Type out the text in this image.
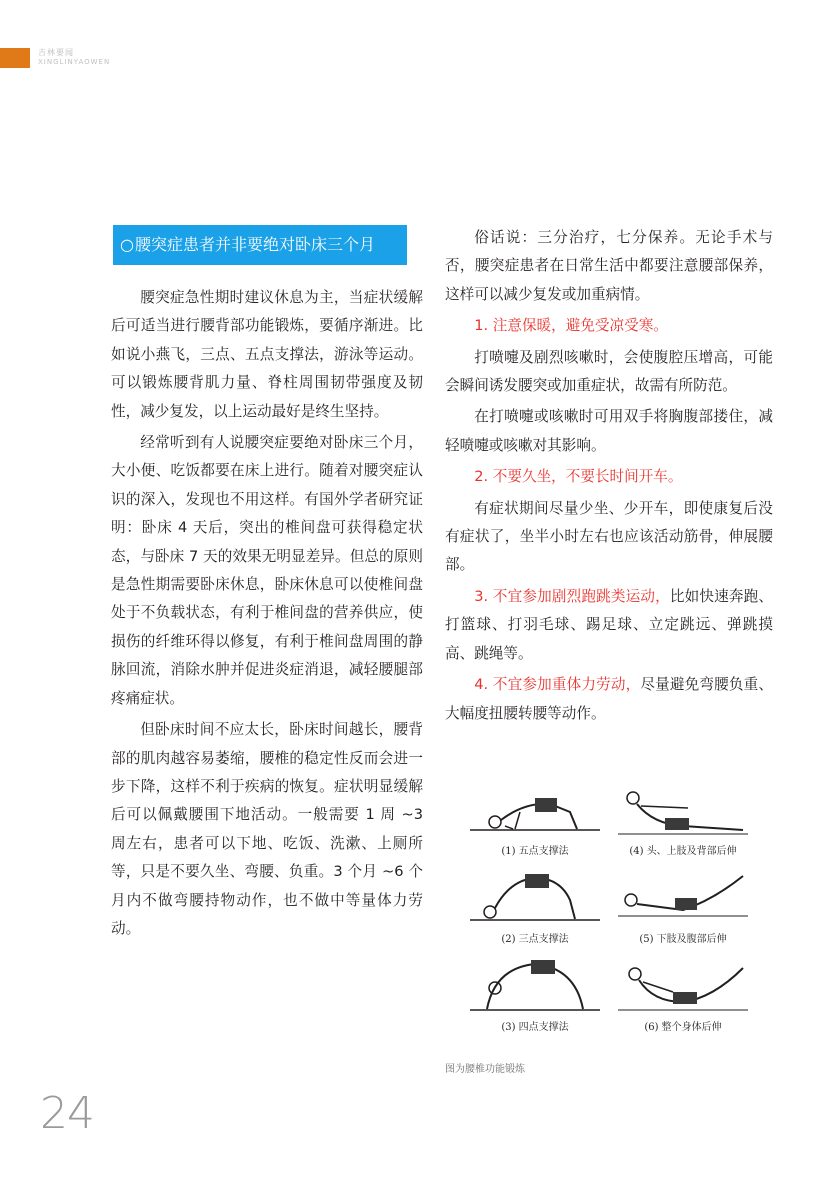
吉林要闻
XINGLINYAOWEN
○腰突症患者并非要绝对卧床三个月

腰突症急性期时建议休息为主，当症状缓解后可适当进行腰背部功能锻炼，要循序渐进。比如说小燕飞，三点、五点支撑法，游泳等运动。可以锻炼腰背肌力量、脊柱周围韧带强度及韧性，减少复发，以上运动最好是终生坚持。

经常听到有人说腰突症要绝对卧床三个月，大小便、吃饭都要在床上进行。随着对腰突症认识的深入，发现也不用这样。有国外学者研究证明：卧床 4 天后，突出的椎间盘可获得稳定状态，与卧床 7 天的效果无明显差异。但总的原则是急性期需要卧床休息，卧床休息可以使椎间盘处于不负载状态，有利于椎间盘的营养供应，使损伤的纤维环得以修复，有利于椎间盘周围的静脉回流，消除水肿并促进炎症消退，减轻腰腿部疼痛症状。

但卧床时间不应太长，卧床时间越长，腰背部的肌肉越容易萎缩，腰椎的稳定性反而会进一步下降，这样不利于疾病的恢复。症状明显缓解后可以佩戴腰围下地活动。一般需要 1 周 ~3 周左右，患者可以下地、吃饭、洗漱、上厕所等，只是不要久坐、弯腰、负重。3 个月 ~6 个月内不做弯腰持物动作，也不做中等量体力劳动。

俗话说：三分治疗，七分保养。无论手术与否，腰突症患者在日常生活中都要注意腰部保养，这样可以减少复发或加重病情。

1. 注意保暖，避免受凉受寒。

打喷嚏及剧烈咳嗽时，会使腹腔压增高，可能会瞬间诱发腰突或加重症状，故需有所防范。

在打喷嚏或咳嗽时可用双手将胸腹部搂住，减轻喷嚏或咳嗽对其影响。

2. 不要久坐，不要长时间开车。

有症状期间尽量少坐、少开车，即使康复后没有症状了，坐半小时左右也应该活动筋骨，伸展腰部。

3. 不宜参加剧烈跑跳类运动，比如快速奔跑、打篮球、打羽毛球、踢足球、立定跳远、弹跳摸高、跳绳等。

4. 不宜参加重体力劳动，尽量避免弯腰负重、大幅度扭腰转腰等动作。

(1) 五点支撑法	(4) 头、上肢及背部后伸
(2) 三点支撑法	(5) 下肢及腹部后伸
(3) 四点支撑法	(6) 整个身体后伸
图为腰椎功能锻炼
24
